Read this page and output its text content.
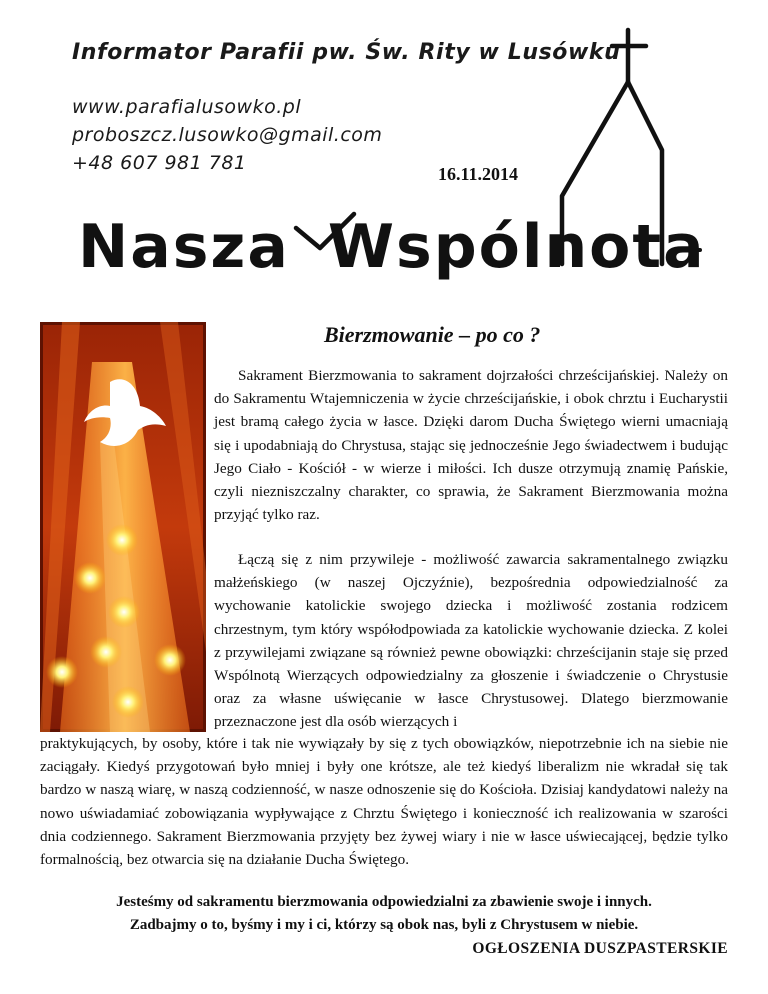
Informator Parafii pw. Św. Rity w Lusówku
www.parafialusowko.pl
proboszcz.lusowko@gmail.com
+48 607 981 781	16.11.2014
Nasza Wspólnota
Bierzmowanie – po co ?

Sakrament Bierzmowania to sakrament dojrzałości chrześcijańskiej. Należy on do Sakramentu Wtajemniczenia w życie chrześcijańskie, i obok chrztu i Eucharystii jest bramą całego życia w łasce. Dzięki darom Ducha Świętego wierni umacniają się i upodabniają do Chrystusa, stając się jednocześnie Jego świadectwem i budując Jego Ciało - Kościół - w wierze i miłości. Ich dusze otrzymują znamię Pańskie, czyli niezniszczalny charakter, co sprawia, że Sakrament Bierzmowania można przyjąć tylko raz.

Łączą się z nim przywileje - możliwość zawarcia sakramentalnego związku małżeńskiego (w naszej Ojczyźnie), bezpośrednia odpowiedzialność za wychowanie katolickie swojego dziecka i możliwość zostania rodzicem chrzestnym, tym który współodpowiada za katolickie wychowanie dziecka. Z kolei z przywilejami związane są również pewne obowiązki: chrześcijanin staje się przed Wspólnotą Wierzących odpowiedzialny za głoszenie i świadczenie o Chrystusie oraz za własne uświęcanie w łasce Chrystusowej. Dlatego bierzmowanie przeznaczone jest dla osób wierzących i

praktykujących, by osoby, które i tak nie wywiązały by się z tych obowiązków, niepotrzebnie ich na siebie nie zaciągały. Kiedyś przygotowań było mniej i były one krótsze, ale też kiedyś liberalizm nie wkradał się tak bardzo w naszą wiarę, w naszą codzienność, w nasze odnoszenie się do Kościoła. Dzisiaj kandydatowi należy na nowo uświadamiać zobowiązania wypływające z Chrztu Świętego i konieczność ich realizowania w szarości dnia codziennego. Sakrament Bierzmowania przyjęty bez żywej wiary i nie w łasce uświecającej, będzie tylko formalnością, bez otwarcia się na działanie Ducha Świętego.

Jesteśmy od sakramentu bierzmowania odpowiedzialni za zbawienie swoje i innych.

Zadbajmy o to, byśmy i my i ci, którzy są obok nas, byli z Chrystusem w niebie.

OGŁOSZENIA DUSZPASTERSKIE
